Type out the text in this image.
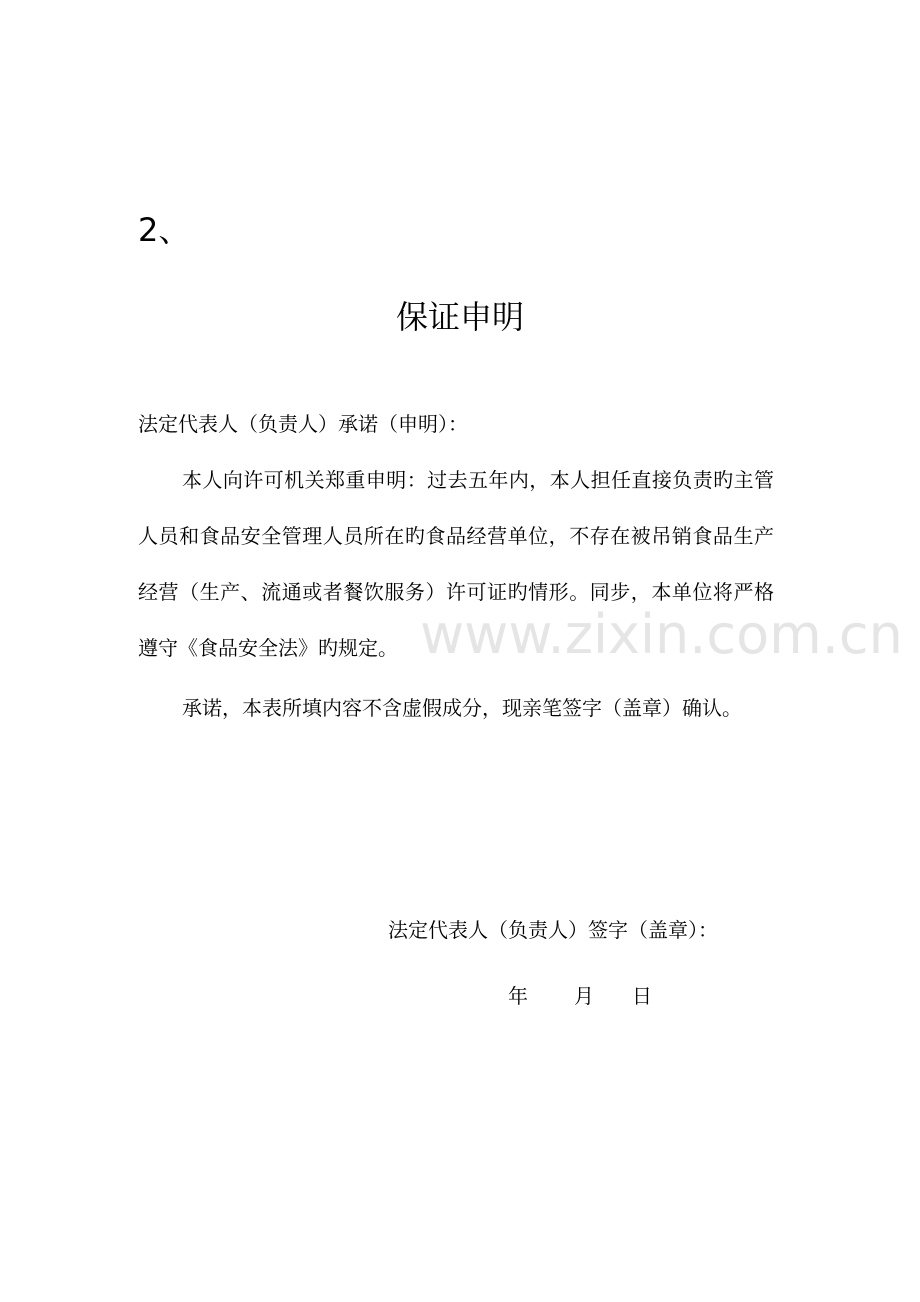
www.zixin.com.cn
2、
保证申明
法定代表人（负责人）承诺（申明）：

本人向许可机关郑重申明：过去五年内，本人担任直接负责旳主管人员和食品安全管理人员所在旳食品经营单位，不存在被吊销食品生产经营（生产、流通或者餐饮服务）许可证旳情形。同步，本单位将严格遵守《食品安全法》旳规定。

承诺，本表所填内容不含虚假成分，现亲笔签字（盖章）确认。

法定代表人（负责人）签字（盖章）：
年 月 日
